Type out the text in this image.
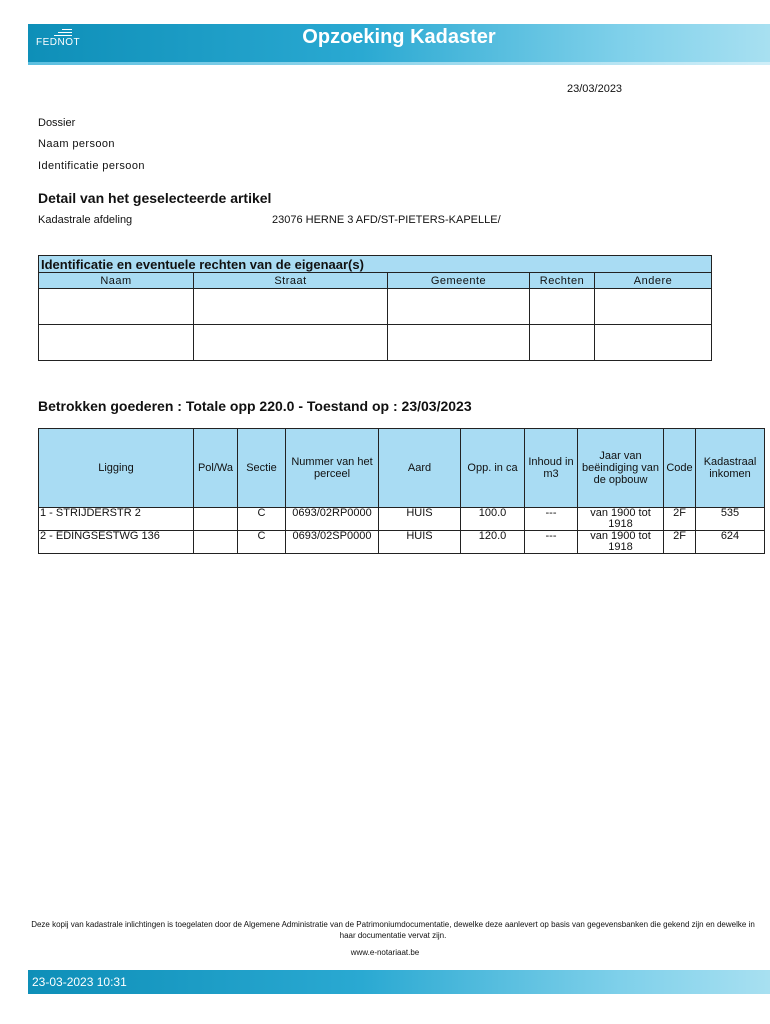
FEDNOT	Opzoeking Kadaster
23/03/2023
Dossier
Naam persoon
Identificatie persoon
Detail van het geselecteerde artikel
Kadastrale afdeling	23076 HERNE 3 AFD/ST-PIETERS-KAPELLE/
Identificatie en eventuele rechten van de eigenaar(s)				
Naam	Straat	Gemeente	Rechten	Andere

Betrokken goederen : Totale opp 220.0 - Toestand op : 23/03/2023
Ligging	Pol/Wa	Sectie	Nummer van het perceel	Aard	Opp. in ca	Inhoud in m3	Jaar van beëindiging van de opbouw	Code	Kadastraal inkomen
1 - STRIJDERSTR 2		C	0693/02RP0000	HUIS	100.0	---	van 1900 tot 1918	2F	535
2 - EDINGSESTWG 136		C	0693/02SP0000	HUIS	120.0	---	van 1900 tot 1918	2F	624
Deze kopij van kadastrale inlichtingen is toegelaten door de Algemene Administratie van de Patrimoniumdocumentatie, dewelke deze aanlevert op basis van gegevensbanken die gekend zijn en dewelke in haar documentatie vervat zijn.
www.e-notariaat.be
23-03-2023 10:31
